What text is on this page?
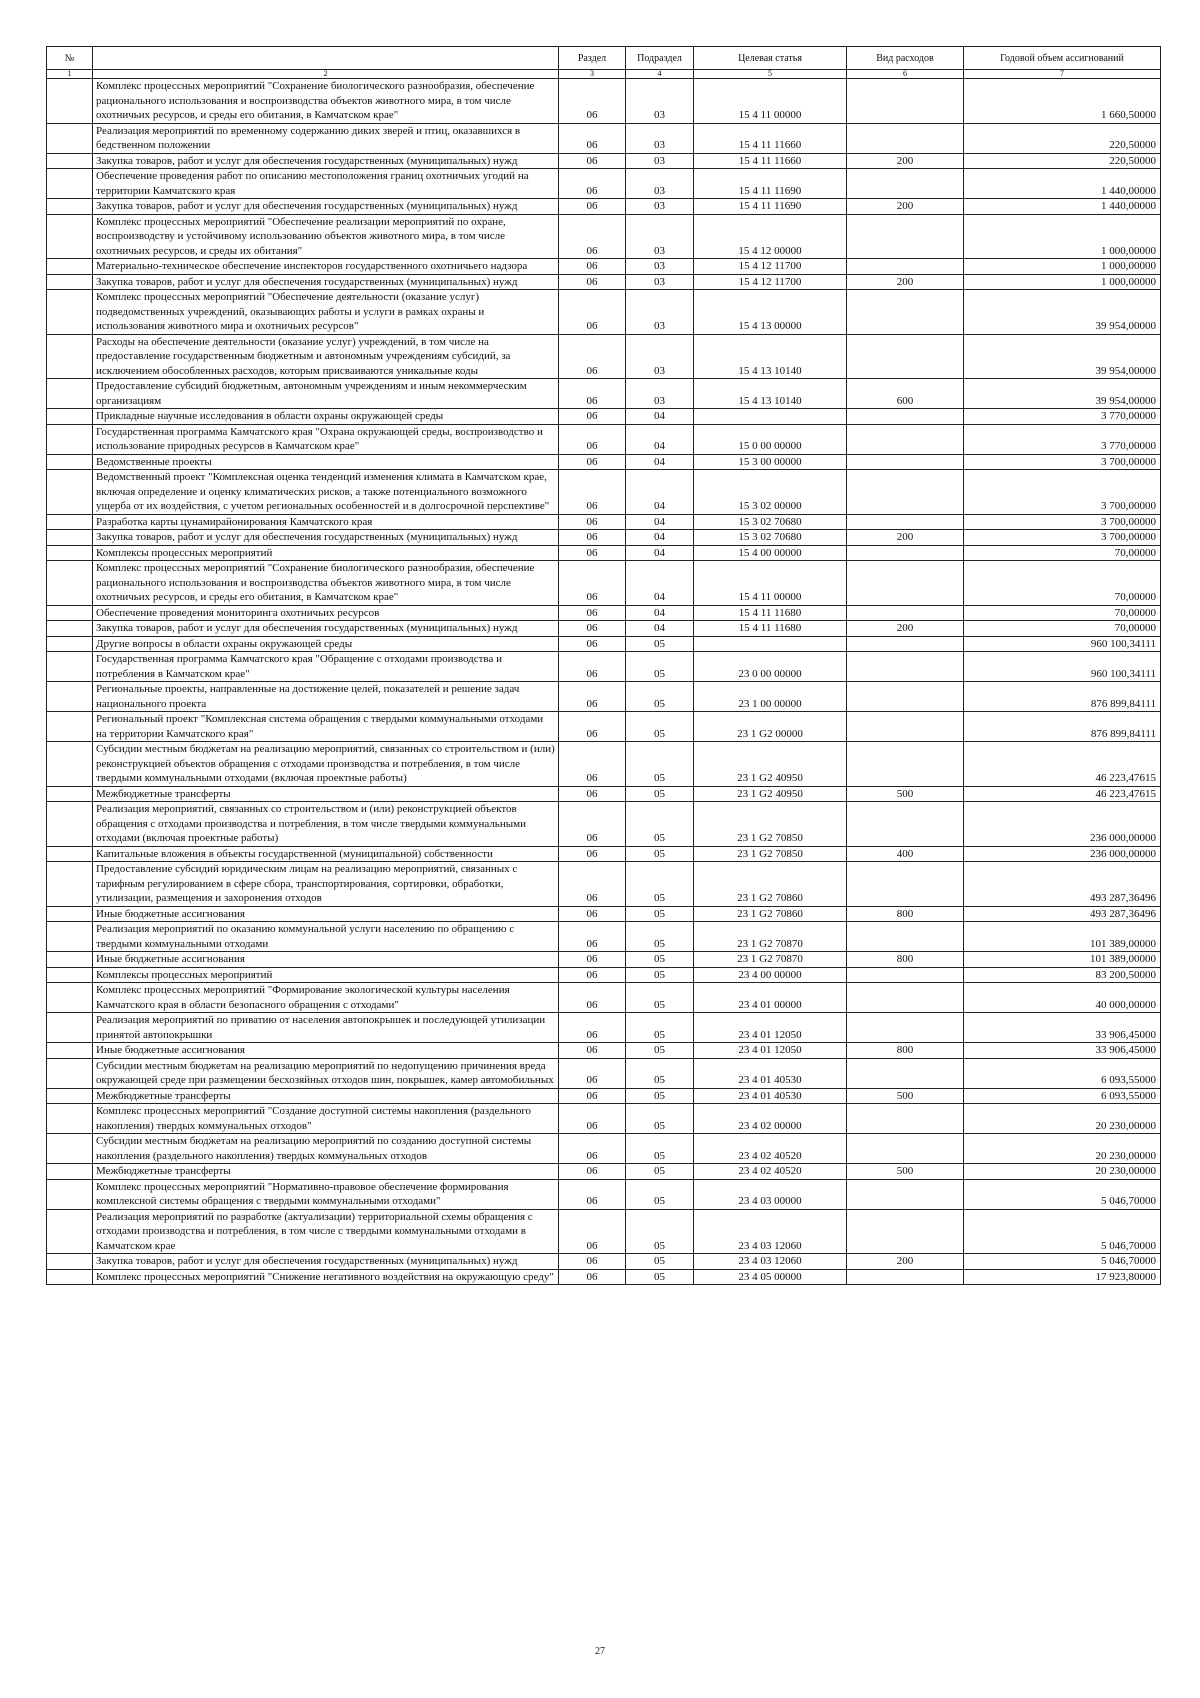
№		Раздел	Подраздел	Целевая статья	Вид расходов	Годовой объем ассигнований
1	2	3	4	5	6	7
	Комплекс процессных мероприятий "Сохранение биологического разнообразия, обеспечение рационального использования и воспроизводства объектов животного мира, в том числе охотничьих ресурсов, и среды его обитания, в Камчатском крае"	06	03	15 4 11 00000		1 660,50000
	Реализация мероприятий по временному содержанию диких зверей и птиц, оказавшихся в бедственном положении	06	03	15 4 11 11660		220,50000
	Закупка товаров, работ и услуг для обеспечения государственных (муниципальных) нужд	06	03	15 4 11 11660	200	220,50000
	Обеспечение проведения работ по описанию местоположения границ охотничьих угодий на территории Камчатского края	06	03	15 4 11 11690		1 440,00000
	Закупка товаров, работ и услуг для обеспечения государственных (муниципальных) нужд	06	03	15 4 11 11690	200	1 440,00000
	Комплекс процессных мероприятий "Обеспечение реализации мероприятий по охране, воспроизводству и устойчивому использованию объектов животного мира, в том числе охотничьих ресурсов, и среды их обитания"	06	03	15 4 12 00000		1 000,00000
	Материально-техническое обеспечение инспекторов государственного охотничьего надзора	06	03	15 4 12 11700		1 000,00000
	Закупка товаров, работ и услуг для обеспечения государственных (муниципальных) нужд	06	03	15 4 12 11700	200	1 000,00000
	Комплекс процессных мероприятий "Обеспечение деятельности (оказание услуг) подведомственных учреждений, оказывающих работы и услуги в рамках охраны и использования животного мира и охотничьих ресурсов"	06	03	15 4 13 00000		39 954,00000
	Расходы на обеспечение деятельности (оказание услуг) учреждений, в том числе на предоставление государственным бюджетным и автономным учреждениям субсидий, за исключением обособленных расходов, которым присваиваются уникальные коды	06	03	15 4 13 10140		39 954,00000
	Предоставление субсидий бюджетным, автономным учреждениям и иным некоммерческим организациям	06	03	15 4 13 10140	600	39 954,00000
	Прикладные научные исследования в области охраны окружающей среды	06	04			3 770,00000
	Государственная программа Камчатского края "Охрана окружающей среды, воспроизводство и использование природных ресурсов в Камчатском крае"	06	04	15 0 00 00000		3 770,00000
	Ведомственные проекты	06	04	15 3 00 00000		3 700,00000
	Ведомственный проект "Комплексная оценка тенденций изменения климата в Камчатском крае, включая определение и оценку климатических рисков, а также потенциального возможного ущерба от их воздействия, с учетом региональных особенностей и в долгосрочной перспективе"	06	04	15 3 02 00000		3 700,00000
	Разработка карты цунамирайонирования Камчатского края	06	04	15 3 02 70680		3 700,00000
	Закупка товаров, работ и услуг для обеспечения государственных (муниципальных) нужд	06	04	15 3 02 70680	200	3 700,00000
	Комплексы процессных мероприятий	06	04	15 4 00 00000		70,00000
	Комплекс процессных мероприятий "Сохранение биологического разнообразия, обеспечение рационального использования и воспроизводства объектов животного мира, в том числе охотничьих ресурсов, и среды его обитания, в Камчатском крае"	06	04	15 4 11 00000		70,00000
	Обеспечение проведения мониторинга охотничьих ресурсов	06	04	15 4 11 11680		70,00000
	Закупка товаров, работ и услуг для обеспечения государственных (муниципальных) нужд	06	04	15 4 11 11680	200	70,00000
	Другие вопросы в области охраны окружающей среды	06	05			960 100,34111
	Государственная программа Камчатского края "Обращение с отходами производства и потребления в Камчатском крае"	06	05	23 0 00 00000		960 100,34111
	Региональные проекты, направленные на достижение целей, показателей и решение задач национального проекта	06	05	23 1 00 00000		876 899,84111
	Региональный проект "Комплексная система обращения с твердыми коммунальными отходами на территории Камчатского края"	06	05	23 1 G2 00000		876 899,84111
	Субсидии местным бюджетам на реализацию мероприятий, связанных со строительством и (или) реконструкцией объектов обращения с отходами производства и потребления, в том числе твердыми коммунальными отходами (включая проектные работы)	06	05	23 1 G2 40950		46 223,47615
	Межбюджетные трансферты	06	05	23 1 G2 40950	500	46 223,47615
	Реализация мероприятий, связанных со строительством и (или) реконструкцией объектов обращения с отходами производства и потребления, в том числе твердыми коммунальными отходами (включая проектные работы)	06	05	23 1 G2 70850		236 000,00000
	Капитальные вложения в объекты государственной (муниципальной) собственности	06	05	23 1 G2 70850	400	236 000,00000
	Предоставление субсидий юридическим лицам на реализацию мероприятий, связанных с тарифным регулированием в сфере сбора, транспортирования, сортировки, обработки, утилизации, размещения и захоронения отходов	06	05	23 1 G2 70860		493 287,36496
	Иные бюджетные ассигнования	06	05	23 1 G2 70860	800	493 287,36496
	Реализация мероприятий по оказанию коммунальной услуги населению по обращению с твердыми коммунальными отходами	06	05	23 1 G2 70870		101 389,00000
	Иные бюджетные ассигнования	06	05	23 1 G2 70870	800	101 389,00000
	Комплексы процессных мероприятий	06	05	23 4 00 00000		83 200,50000
	Комплекс процессных мероприятий "Формирование экологической культуры населения Камчатского края в области безопасного обращения с отходами"	06	05	23 4 01 00000		40 000,00000
	Реализация мероприятий по приватию от населения автопокрышек и последующей утилизации принятой автопокрышки	06	05	23 4 01 12050		33 906,45000
	Иные бюджетные ассигнования	06	05	23 4 01 12050	800	33 906,45000
	Субсидии местным бюджетам на реализацию мероприятий по недопущению причинения вреда окружающей среде при размещении бесхозяйных отходов шин, покрышек, камер автомобильных	06	05	23 4 01 40530		6 093,55000
	Межбюджетные трансферты	06	05	23 4 01 40530	500	6 093,55000
	Комплекс процессных мероприятий "Создание доступной системы накопления (раздельного накопления) твердых коммунальных отходов"	06	05	23 4 02 00000		20 230,00000
	Субсидии местным бюджетам на реализацию мероприятий по созданию доступной системы накопления (раздельного накопления) твердых коммунальных отходов	06	05	23 4 02 40520		20 230,00000
	Межбюджетные трансферты	06	05	23 4 02 40520	500	20 230,00000
	Комплекс процессных мероприятий "Нормативно-правовое обеспечение формирования комплексной системы обращения с твердыми коммунальными отходами"	06	05	23 4 03 00000		5 046,70000
	Реализация мероприятий по разработке (актуализации) территориальной схемы обращения с отходами производства и потребления, в том числе с твердыми коммунальными отходами в Камчатском крае	06	05	23 4 03 12060		5 046,70000
	Закупка товаров, работ и услуг для обеспечения государственных (муниципальных) нужд	06	05	23 4 03 12060	200	5 046,70000
	Комплекс процессных мероприятий "Снижение негативного воздействия на окружающую среду"	06	05	23 4 05 00000		17 923,80000
27
